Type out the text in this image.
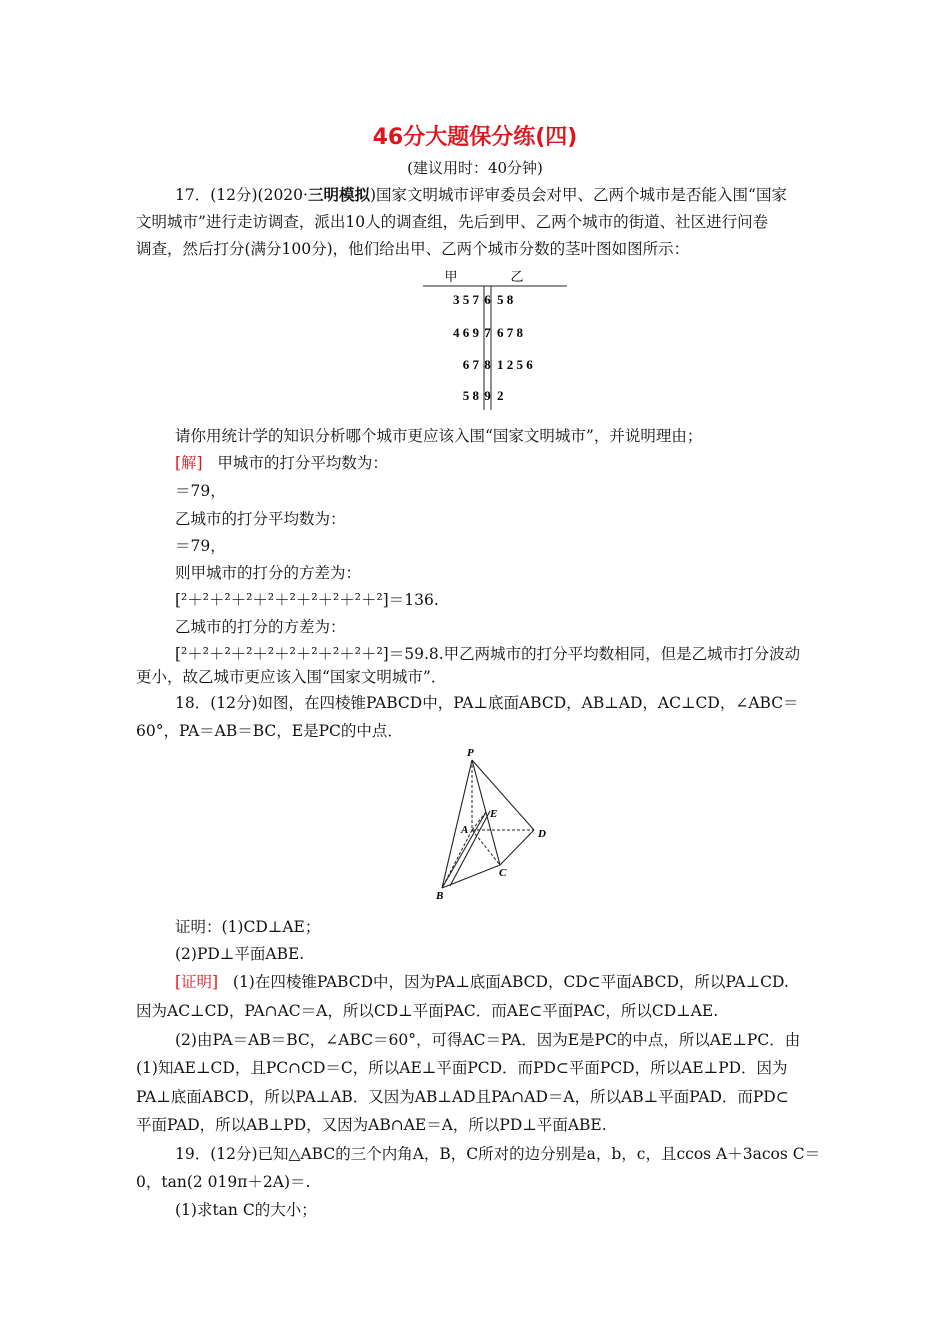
46分大题保分练(四)
(建议用时：40分钟)
17．(12分)(2020·三明模拟)国家文明城市评审委员会对甲、乙两个城市是否能入围“国家
文明城市”进行走访调查，派出10人的调查组，先后到甲、乙两个城市的街道、社区进行问卷
调查，然后打分(满分100分)，他们给出甲、乙两个城市分数的茎叶图如图所示：
甲	乙
3 5 7 6 5 8
4 6 9 7 6 7 8
6 7 8 1 2 5 6
5 8 9 2
请你用统计学的知识分析哪个城市更应该入围“国家文明城市”，并说明理由；
[解] 甲城市的打分平均数为：
＝79，
乙城市的打分平均数为：
＝79，
则甲城市的打分的方差为：
[²＋²＋²＋²＋²＋²＋²＋²＋²＋²]＝136.
乙城市的打分的方差为：
[²＋²＋²＋²＋²＋²＋²＋²＋²＋²]＝59.8.甲乙两城市的打分平均数相同，但是乙城市打分波动
更小，故乙城市更应该入围“国家文明城市”．
18．(12分)如图，在四棱锥PABCD中，PA⊥底面ABCD，AB⊥AD，AC⊥CD，∠ABC＝
60°，PA＝AB＝BC，E是PC的中点．
P
E
A	D
C
B
证明：(1)CD⊥AE；
(2)PD⊥平面ABE.
[证明] (1)在四棱锥PABCD中，因为PA⊥底面ABCD，CD⊂平面ABCD，所以PA⊥CD.
因为AC⊥CD，PA∩AC＝A，所以CD⊥平面PAC．而AE⊂平面PAC，所以CD⊥AE.
(2)由PA＝AB＝BC，∠ABC＝60°，可得AC＝PA．因为E是PC的中点，所以AE⊥PC．由
(1)知AE⊥CD，且PC∩CD＝C，所以AE⊥平面PCD．而PD⊂平面PCD，所以AE⊥PD．因为
PA⊥底面ABCD，所以PA⊥AB．又因为AB⊥AD且PA∩AD＝A，所以AB⊥平面PAD．而PD⊂
平面PAD，所以AB⊥PD，又因为AB∩AE＝A，所以PD⊥平面ABE.
19．(12分)已知△ABC的三个内角A，B，C所对的边分别是a，b，c，且ccos A＋3acos C＝
0，tan(2 019π＋2A)＝.
(1)求tan C的大小；
